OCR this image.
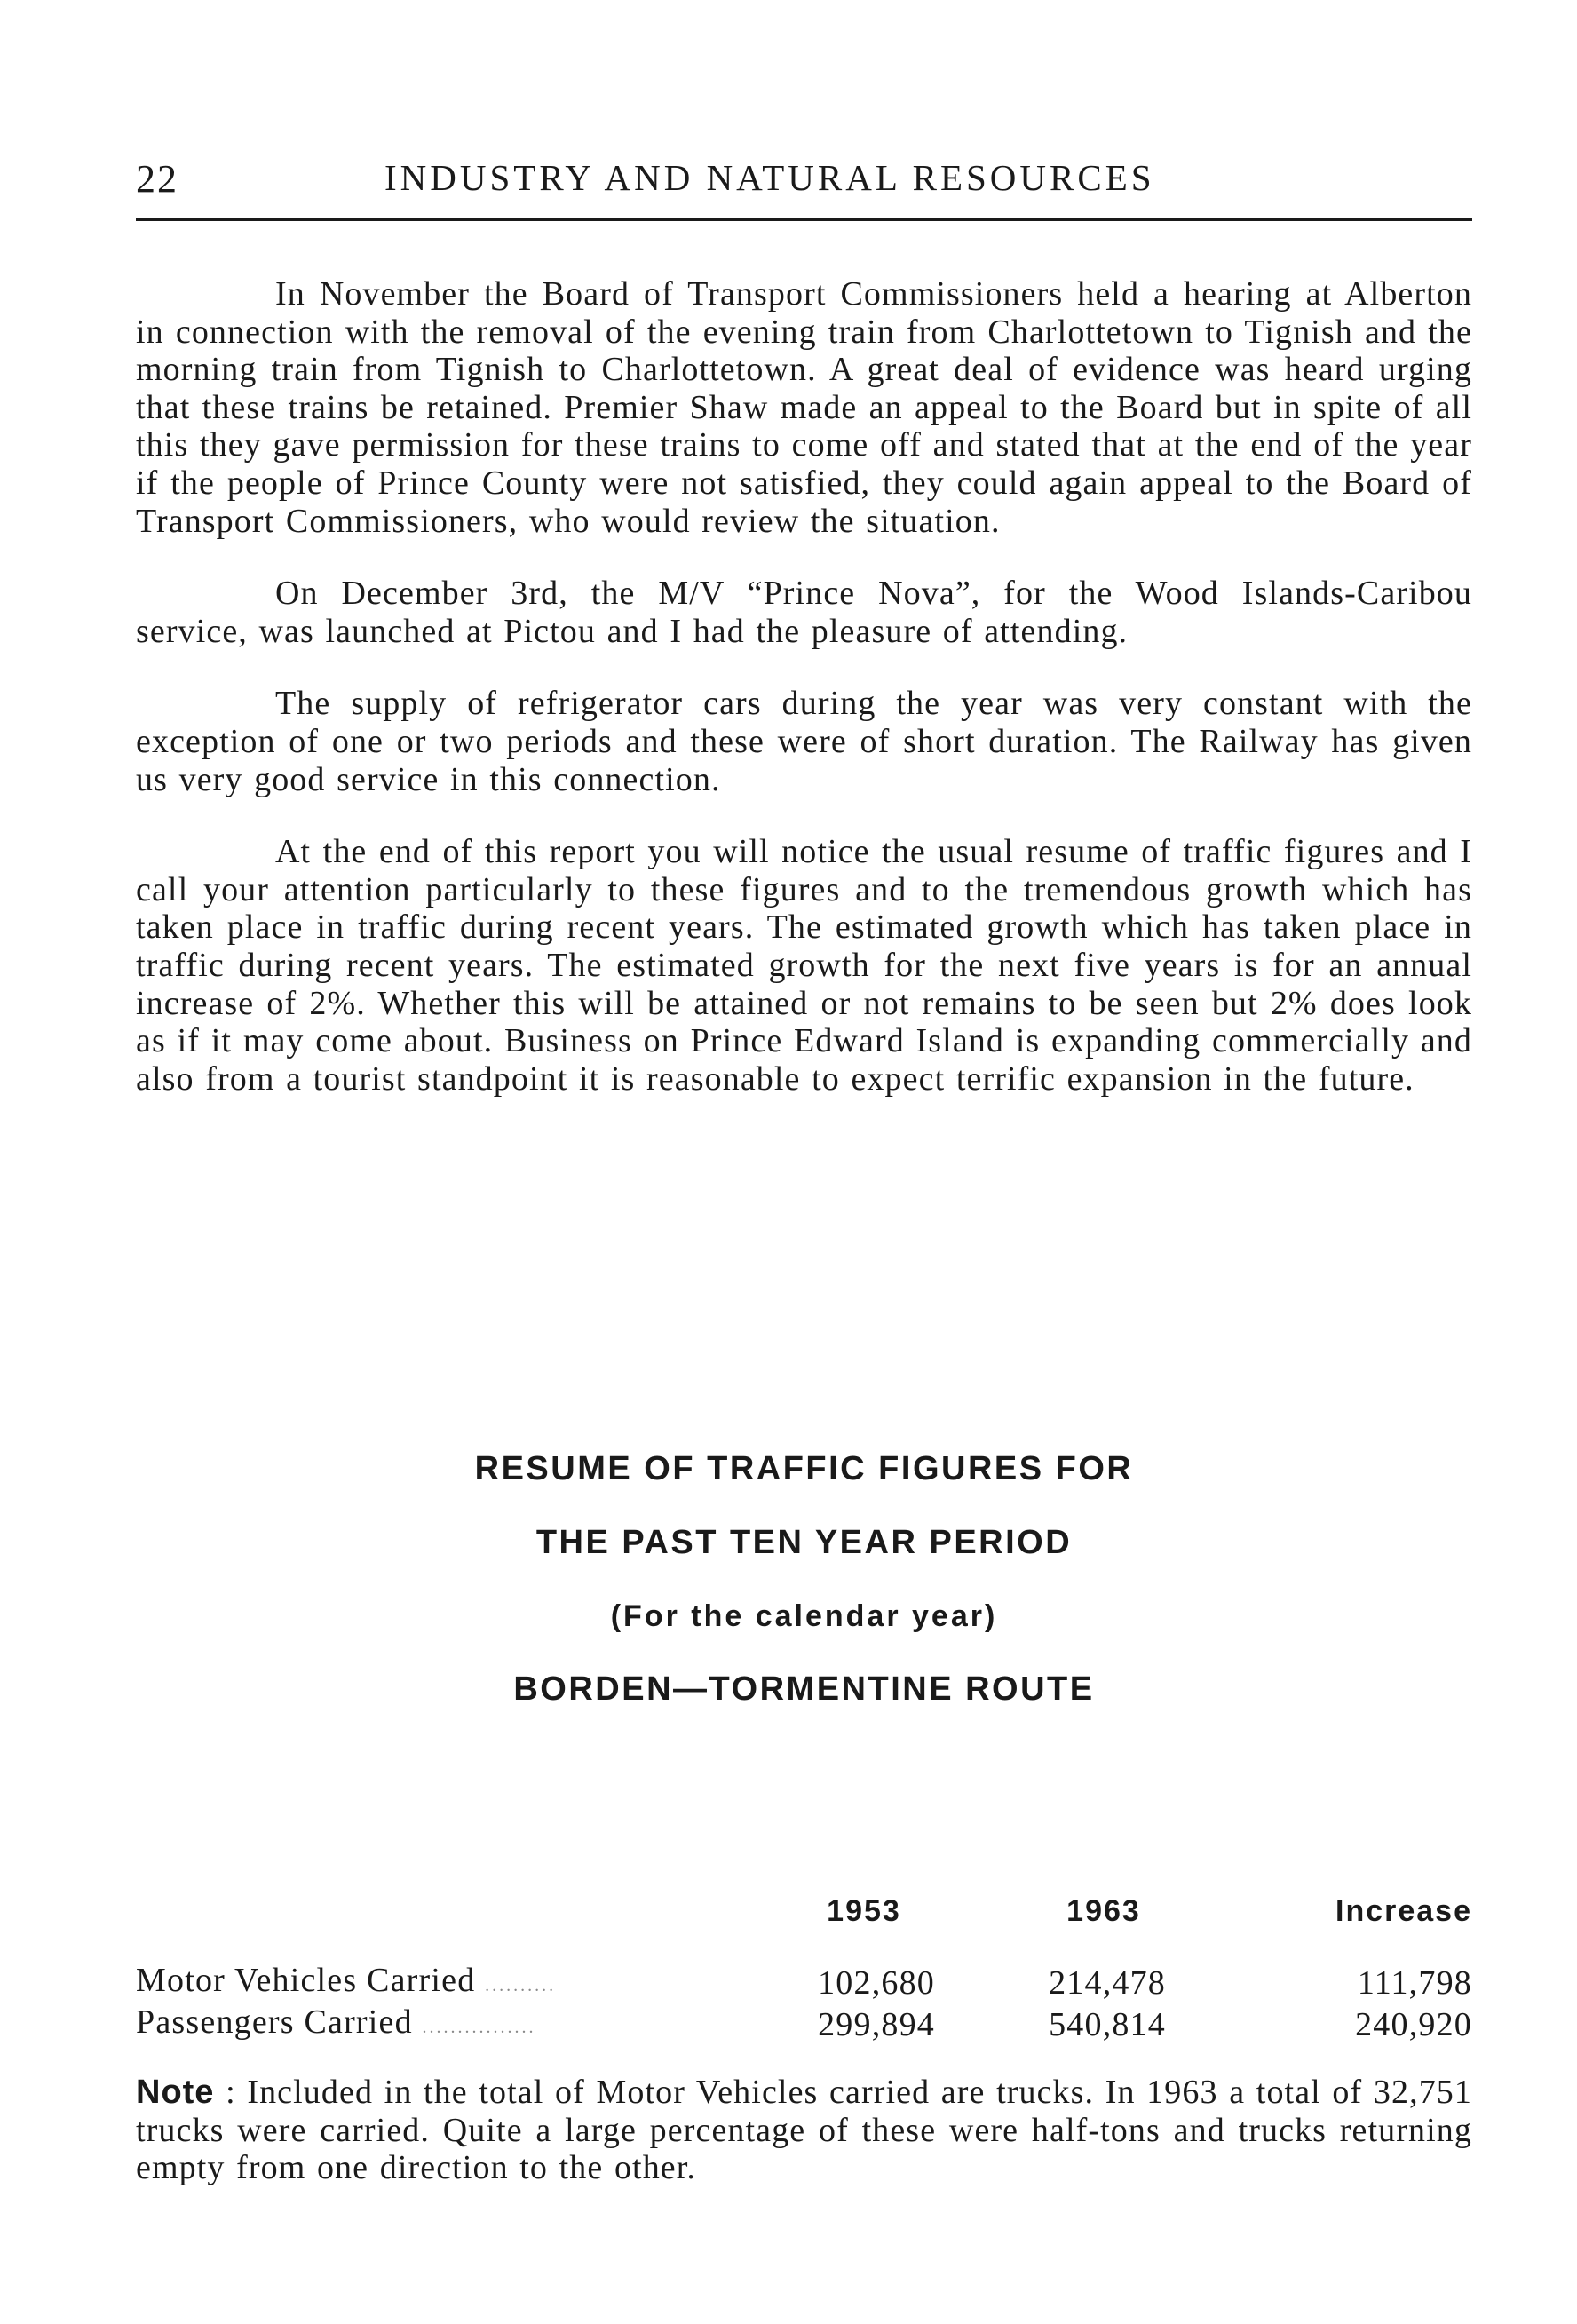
22	INDUSTRY AND NATURAL RESOURCES

In November the Board of Transport Commissioners held a hearing at Alberton in connection with the removal of the evening train from Charlottetown to Tignish and the morning train from Tignish to Charlottetown. A great deal of evidence was heard urging that these trains be retained. Premier Shaw made an appeal to the Board but in spite of all this they gave permission for these trains to come off and stated that at the end of the year if the people of Prince County were not satisfied, they could again appeal to the Board of Transport Commissioners, who would review the situation.

On December 3rd, the M/V “Prince Nova”, for the Wood Islands-Caribou service, was launched at Pictou and I had the pleasure of attending.

The supply of refrigerator cars during the year was very constant with the exception of one or two periods and these were of short duration. The Railway has given us very good service in this connection.

At the end of this report you will notice the usual resume of traffic figures and I call your attention particularly to these figures and to the tremendous growth which has taken place in traffic during recent years. The estimated growth which has taken place in traffic during recent years. The estimated growth for the next five years is for an annual increase of 2%. Whether this will be attained or not remains to be seen but 2% does look as if it may come about. Business on Prince Edward Island is expanding commercially and also from a tourist standpoint it is reasonable to expect terrific expansion in the future.

RESUME OF TRAFFIC FIGURES FOR
THE PAST TEN YEAR PERIOD
(For the calendar year)
BORDEN—TORMENTINE ROUTE
	1953	1963	Increase
Motor Vehicles Carried ..........	102,680	214,478	111,798
Passengers Carried ................	299,894	540,814	240,920
Note : Included in the total of Motor Vehicles carried are trucks. In 1963 a total of 32,751 trucks were carried. Quite a large percentage of these were half-tons and trucks returning empty from one direction to the other.
